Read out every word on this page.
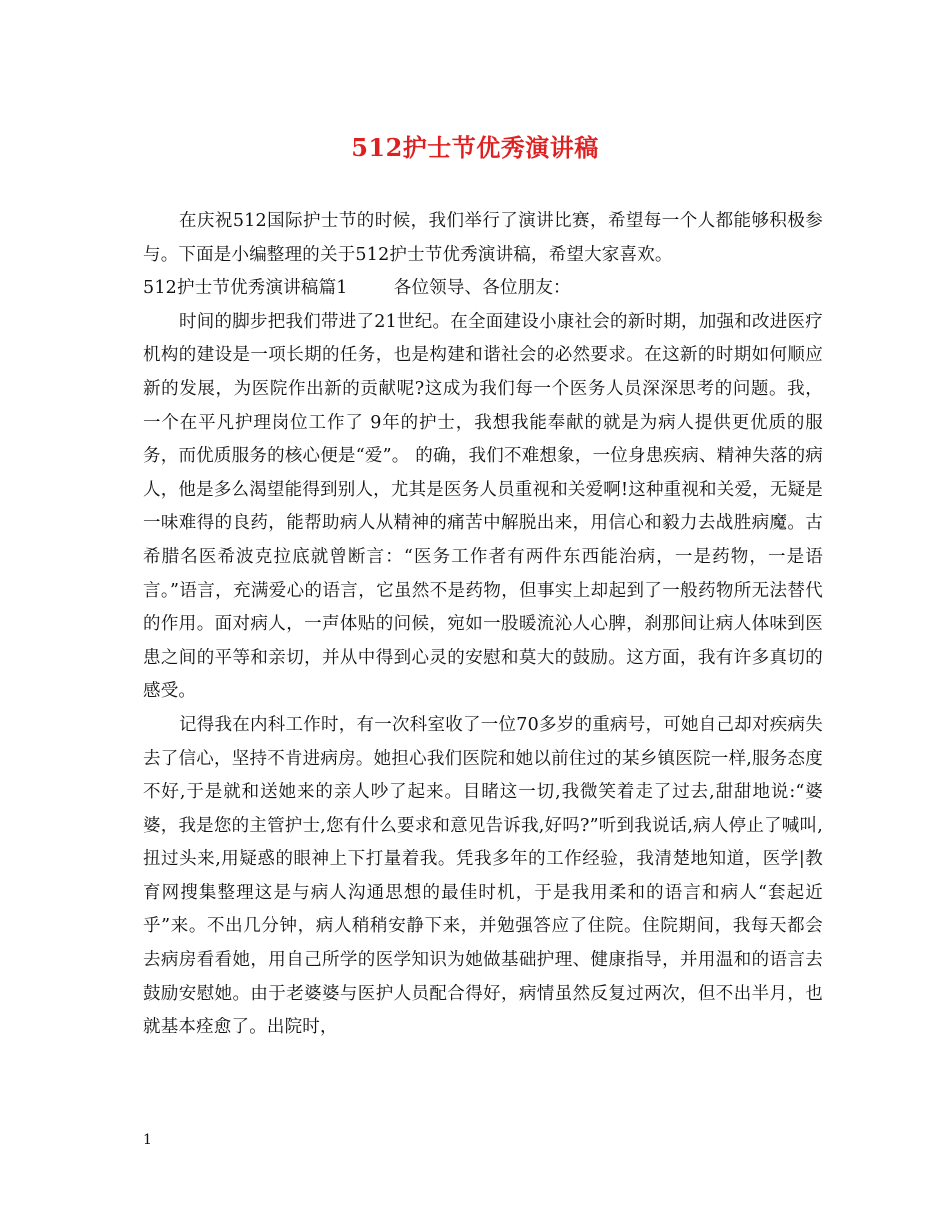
512护士节优秀演讲稿

在庆祝512国际护士节的时候，我们举行了演讲比赛，希望每一个人都能够积极参与。下面是小编整理的关于512护士节优秀演讲稿，希望大家喜欢。

512护士节优秀演讲稿篇1	各位领导、各位朋友：

时间的脚步把我们带进了21世纪。在全面建设小康社会的新时期，加强和改进医疗机构的建设是一项长期的任务，也是构建和谐社会的必然要求。在这新的时期如何顺应新的发展，为医院作出新的贡献呢?这成为我们每一个医务人员深深思考的问题。我，一个在平凡护理岗位工作了 9年的护士，我想我能奉献的就是为病人提供更优质的服务，而优质服务的核心便是“爱”。 的确，我们不难想象，一位身患疾病、精神失落的病人，他是多么渴望能得到别人，尤其是医务人员重视和关爱啊!这种重视和关爱，无疑是一味难得的良药，能帮助病人从精神的痛苦中解脱出来，用信心和毅力去战胜病魔。古希腊名医希波克拉底就曾断言：“医务工作者有两件东西能治病，一是药物，一是语言。”语言，充满爱心的语言，它虽然不是药物，但事实上却起到了一般药物所无法替代的作用。面对病人，一声体贴的问候，宛如一股暖流沁人心脾，刹那间让病人体味到医患之间的平等和亲切，并从中得到心灵的安慰和莫大的鼓励。这方面，我有许多真切的感受。

记得我在内科工作时，有一次科室收了一位70多岁的重病号，可她自己却对疾病失去了信心，坚持不肯进病房。她担心我们医院和她以前住过的某乡镇医院一样,服务态度不好,于是就和送她来的亲人吵了起来。目睹这一切,我微笑着走了过去,甜甜地说:“婆婆，我是您的主管护士,您有什么要求和意见告诉我,好吗?”听到我说话,病人停止了喊叫,扭过头来,用疑惑的眼神上下打量着我。凭我多年的工作经验，我清楚地知道，医学|教育网搜集整理这是与病人沟通思想的最佳时机，于是我用柔和的语言和病人“套起近乎”来。不出几分钟，病人稍稍安静下来，并勉强答应了住院。住院期间，我每天都会去病房看看她，用自己所学的医学知识为她做基础护理、健康指导，并用温和的语言去鼓励安慰她。由于老婆婆与医护人员配合得好，病情虽然反复过两次，但不出半月，也就基本痊愈了。出院时，

1
